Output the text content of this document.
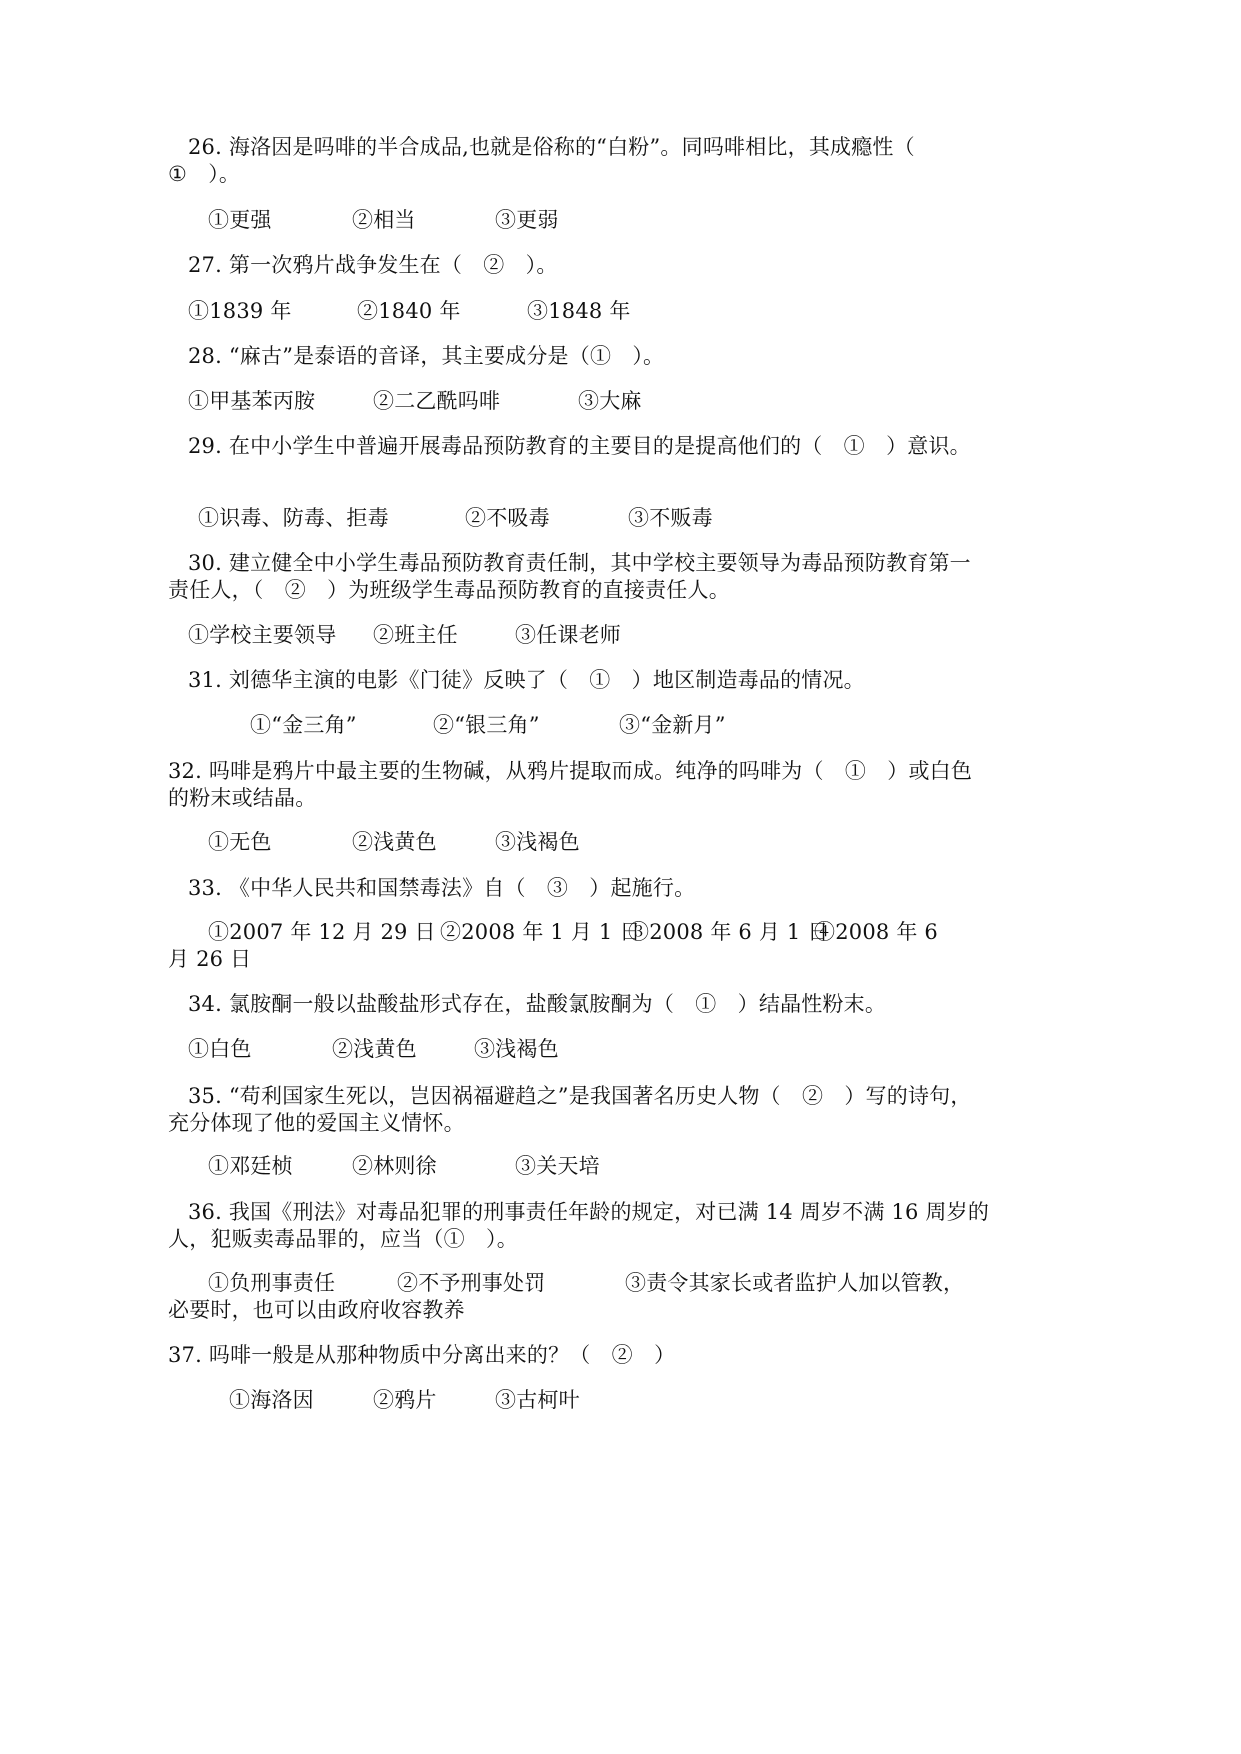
26. 海洛因是吗啡的半合成品,也就是俗称的“白粉”。同吗啡相比，其成瘾性（
①　）。
①更强	②相当	③更弱
27. 第一次鸦片战争发生在（　②　）。
①1839 年	②1840 年	③1848 年
28. “麻古”是泰语的音译，其主要成分是（①　）。
①甲基苯丙胺	②二乙酰吗啡	③大麻
29. 在中小学生中普遍开展毒品预防教育的主要目的是提高他们的（　①　）意识。
①识毒、防毒、拒毒	②不吸毒	③不贩毒
30. 建立健全中小学生毒品预防教育责任制，其中学校主要领导为毒品预防教育第一
责任人，（　②　）为班级学生毒品预防教育的直接责任人。
①学校主要领导 ②班主任	③任课老师
31. 刘德华主演的电影《门徒》反映了（　①　）地区制造毒品的情况。
①“金三角”	②“银三角”	③“金新月”
32. 吗啡是鸦片中最主要的生物碱，从鸦片提取而成。纯净的吗啡为（　①　）或白色
的粉末或结晶。
①无色	②浅黄色	③浅褐色
33. 《中华人民共和国禁毒法》自（　③　）起施行。
①2007 年 12 月 29 日 ②2008 年 1 月 1 日
③2008 年 6 月 1 日
④2008 年 6
月 26 日
34. 氯胺酮一般以盐酸盐形式存在，盐酸氯胺酮为（　①　）结晶性粉末。
①白色	②浅黄色	③浅褐色
35. “苟利国家生死以，岂因祸福避趋之”是我国著名历史人物（　②　）写的诗句，
充分体现了他的爱国主义情怀。
①邓廷桢	②林则徐	③关天培
36. 我国《刑法》对毒品犯罪的刑事责任年龄的规定，对已满 14 周岁不满 16 周岁的
人，犯贩卖毒品罪的，应当（①　）。
①负刑事责任	②不予刑事处罚	③责令其家长或者监护人加以管教，
必要时，也可以由政府收容教养
37. 吗啡一般是从那种物质中分离出来的？（　②　）
①海洛因	②鸦片	③古柯叶
